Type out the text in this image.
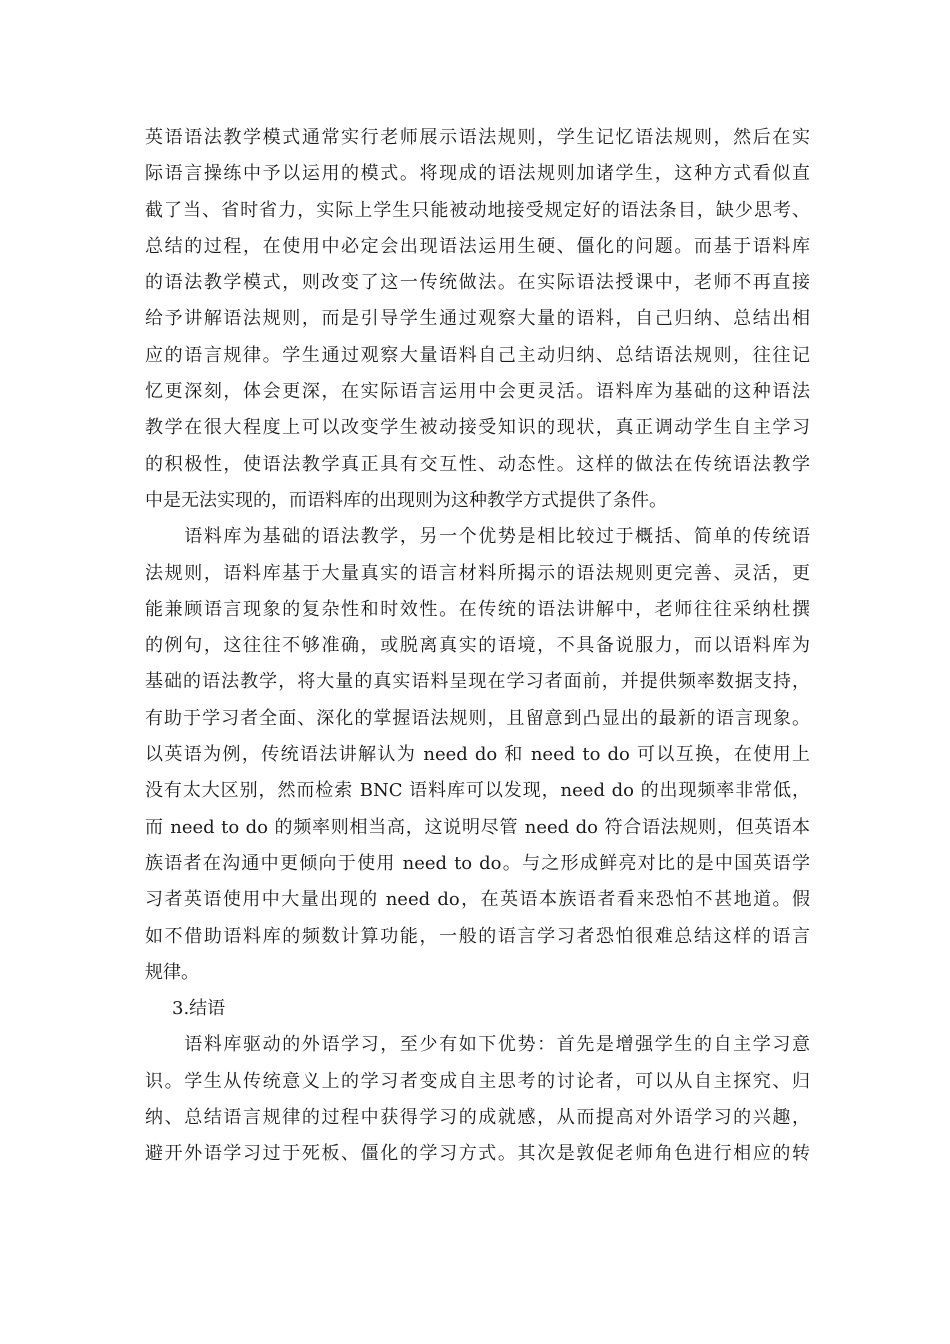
英语语法教学模式通常实行老师展示语法规则，学生记忆语法规则，然后在实
际语言操练中予以运用的模式。将现成的语法规则加诸学生，这种方式看似直
截了当、省时省力，实际上学生只能被动地接受规定好的语法条目，缺少思考、
总结的过程，在使用中必定会出现语法运用生硬、僵化的问题。而基于语料库
的语法教学模式，则改变了这一传统做法。在实际语法授课中，老师不再直接
给予讲解语法规则，而是引导学生通过观察大量的语料，自己归纳、总结出相
应的语言规律。学生通过观察大量语料自己主动归纳、总结语法规则，往往记
忆更深刻，体会更深，在实际语言运用中会更灵活。语料库为基础的这种语法
教学在很大程度上可以改变学生被动接受知识的现状，真正调动学生自主学习
的积极性，使语法教学真正具有交互性、动态性。这样的做法在传统语法教学
中是无法实现的，而语料库的出现则为这种教学方式提供了条件。
　　语料库为基础的语法教学，另一个优势是相比较过于概括、简单的传统语
法规则，语料库基于大量真实的语言材料所揭示的语法规则更完善、灵活，更
能兼顾语言现象的复杂性和时效性。在传统的语法讲解中，老师往往采纳杜撰
的例句，这往往不够准确，或脱离真实的语境，不具备说服力，而以语料库为
基础的语法教学，将大量的真实语料呈现在学习者面前，并提供频率数据支持，
有助于学习者全面、深化的掌握语法规则，且留意到凸显出的最新的语言现象。
以英语为例，传统语法讲解认为 need do 和 need to do 可以互换，在使用上
没有太大区别，然而检索 BNC 语料库可以发现，need do 的出现频率非常低，
而 need to do 的频率则相当高，这说明尽管 need do 符合语法规则，但英语本
族语者在沟通中更倾向于使用 need to do。与之形成鲜亮对比的是中国英语学
习者英语使用中大量出现的 need do，在英语本族语者看来恐怕不甚地道。假
如不借助语料库的频数计算功能，一般的语言学习者恐怕很难总结这样的语言
规律。
3.结语
　　语料库驱动的外语学习，至少有如下优势：首先是增强学生的自主学习意
识。学生从传统意义上的学习者变成自主思考的讨论者，可以从自主探究、归
纳、总结语言规律的过程中获得学习的成就感，从而提高对外语学习的兴趣，
避开外语学习过于死板、僵化的学习方式。其次是敦促老师角色进行相应的转
